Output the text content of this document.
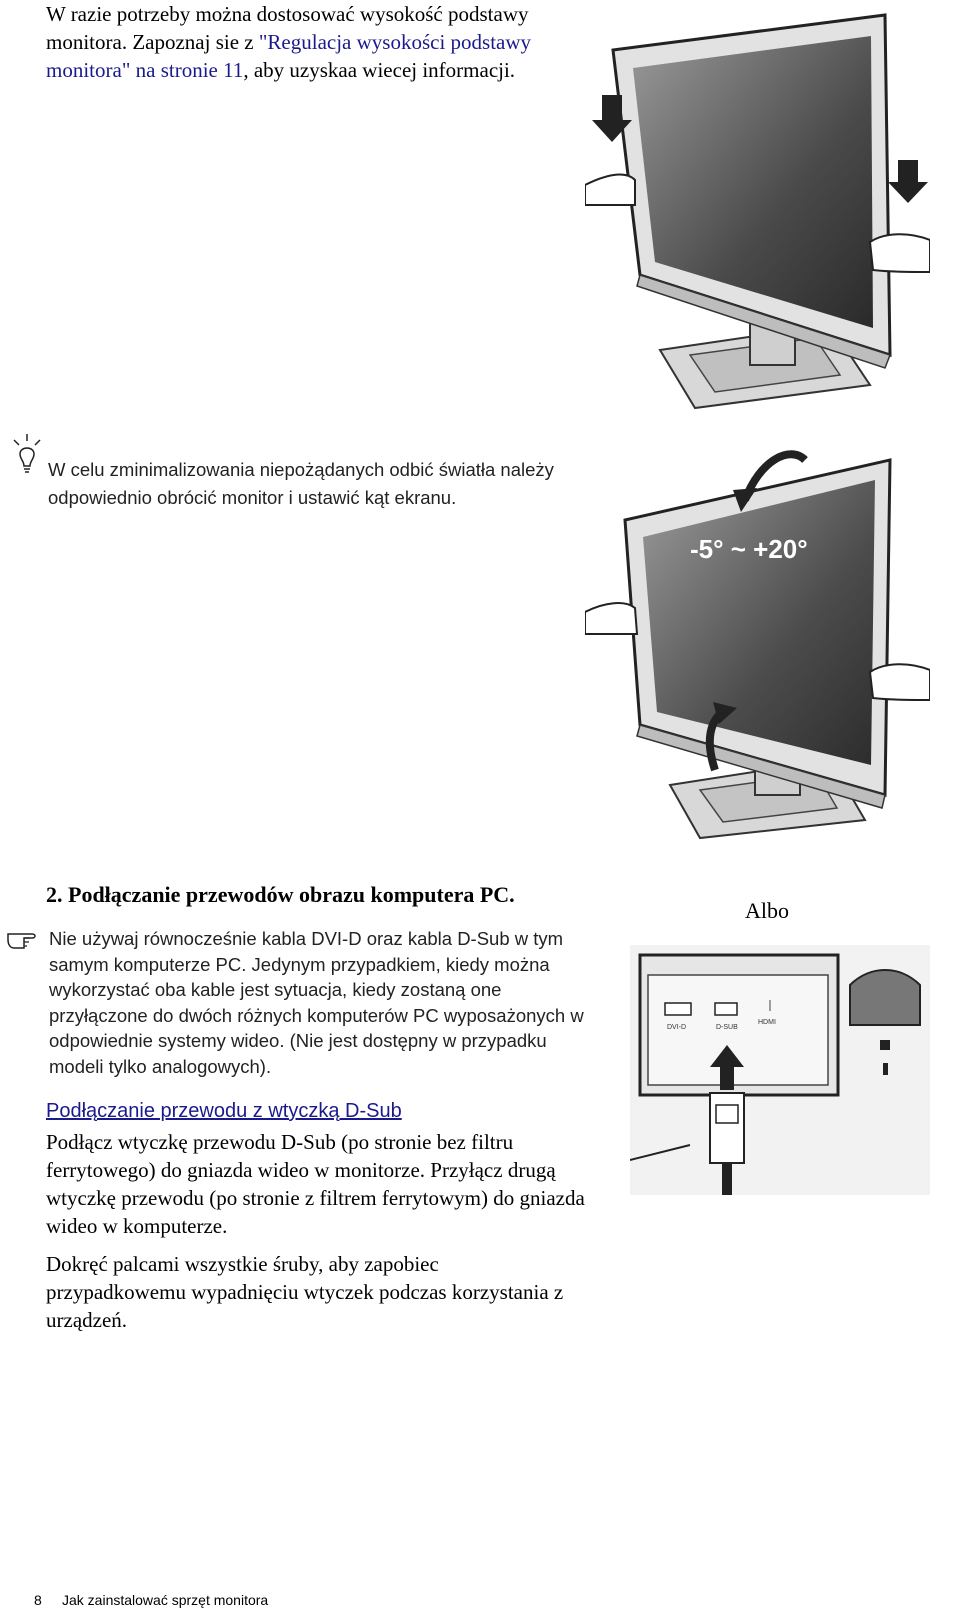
W razie potrzeby można dostosować wysokość podstawy monitora. Zapoznaj sie z "Regulacja wysokości podstawy monitora" na stronie 11, aby uzyskaa wiecej informacji.
W celu zminimalizowania niepożądanych odbić światła należy odpowiednio obrócić monitor i ustawić kąt ekranu.
-5° ~ +20°
2. Podłączanie przewodów obrazu komputera PC.
Nie używaj równocześnie kabla DVI-D oraz kabla D-Sub w tym samym komputerze PC. Jedynym przypadkiem, kiedy można wykorzystać oba kable jest sytuacja, kiedy zostaną one przyłączone do dwóch różnych komputerów PC wyposażonych w odpowiednie systemy wideo. (Nie jest dostępny w przypadku modeli tylko analogowych).
Albo
DVI-D	D-SUB
HDMI
Podłączanie przewodu z wtyczką D-Sub
Podłącz wtyczkę przewodu D-Sub (po stronie bez filtru ferrytowego) do gniazda wideo w monitorze. Przyłącz drugą wtyczkę przewodu (po stronie z filtrem ferrytowym) do gniazda wideo w komputerze.
Dokręć palcami wszystkie śruby, aby zapobiec przypadkowemu wypadnięciu wtyczek podczas korzystania z urządzeń.
8 Jak zainstalować sprzęt monitora
